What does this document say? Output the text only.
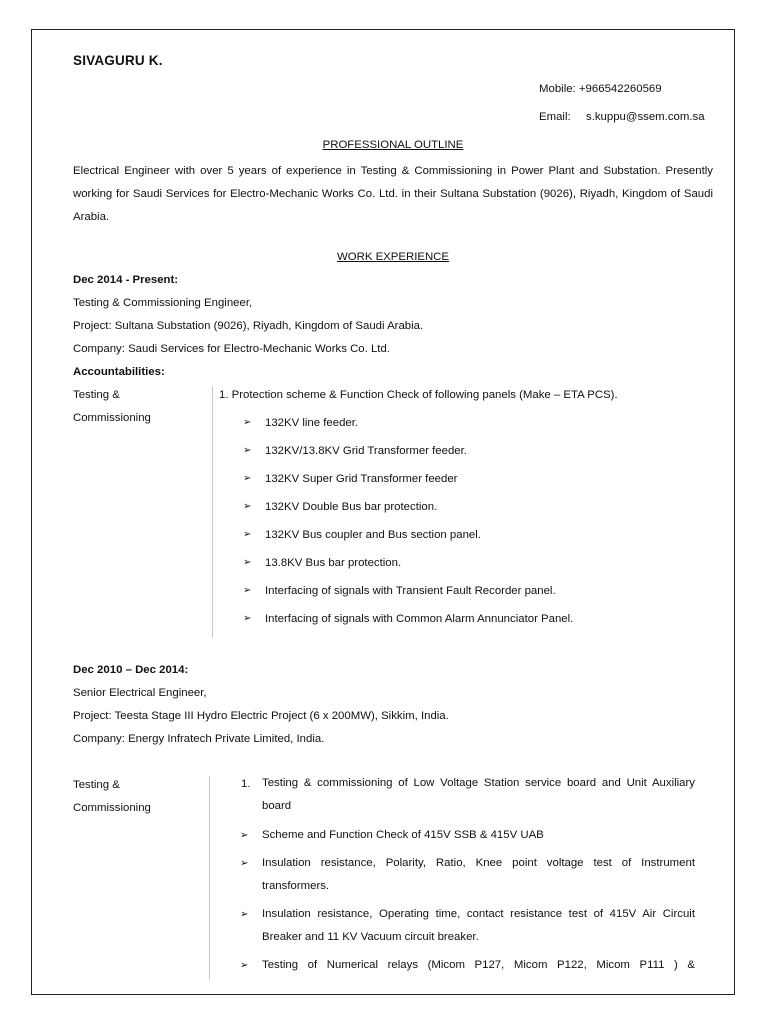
SIVAGURU K.
Mobile: +966542260569
Email: s.kuppu@ssem.com.sa
PROFESSIONAL OUTLINE
Electrical Engineer with over 5 years of experience in Testing & Commissioning in Power Plant and Substation. Presently working for Saudi Services for Electro-Mechanic Works Co. Ltd. in their Sultana Substation (9026), Riyadh, Kingdom of Saudi Arabia.
WORK EXPERIENCE
Dec 2014 - Present:
Testing & Commissioning Engineer,
Project: Sultana Substation (9026), Riyadh, Kingdom of Saudi Arabia.
Company: Saudi Services for Electro-Mechanic Works Co. Ltd.
Accountabilities:
Testing &
Commissioning
1. Protection scheme & Function Check of following panels (Make – ETA PCS).
➢ 132KV line feeder.
➢ 132KV/13.8KV Grid Transformer feeder.
➢ 132KV Super Grid Transformer feeder
➢ 132KV Double Bus bar protection.
➢ 132KV Bus coupler and Bus section panel.
➢ 13.8KV Bus bar protection.
➢ Interfacing of signals with Transient Fault Recorder panel.
➢ Interfacing of signals with Common Alarm Annunciator Panel.
Dec 2010 – Dec 2014:
Senior Electrical Engineer,
Project: Teesta Stage III Hydro Electric Project (6 x 200MW), Sikkim, India.
Company: Energy Infratech Private Limited, India.
Testing &
Commissioning
1. Testing & commissioning of Low Voltage Station service board and Unit Auxiliary board
➢ Scheme and Function Check of 415V SSB & 415V UAB
➢ Insulation resistance, Polarity, Ratio, Knee point voltage test of Instrument transformers.
➢ Insulation resistance, Operating time, contact resistance test of 415V Air Circuit Breaker and 11 KV Vacuum circuit breaker.
➢ Testing of Numerical relays (Micom P127, Micom P122, Micom P111 ) &
